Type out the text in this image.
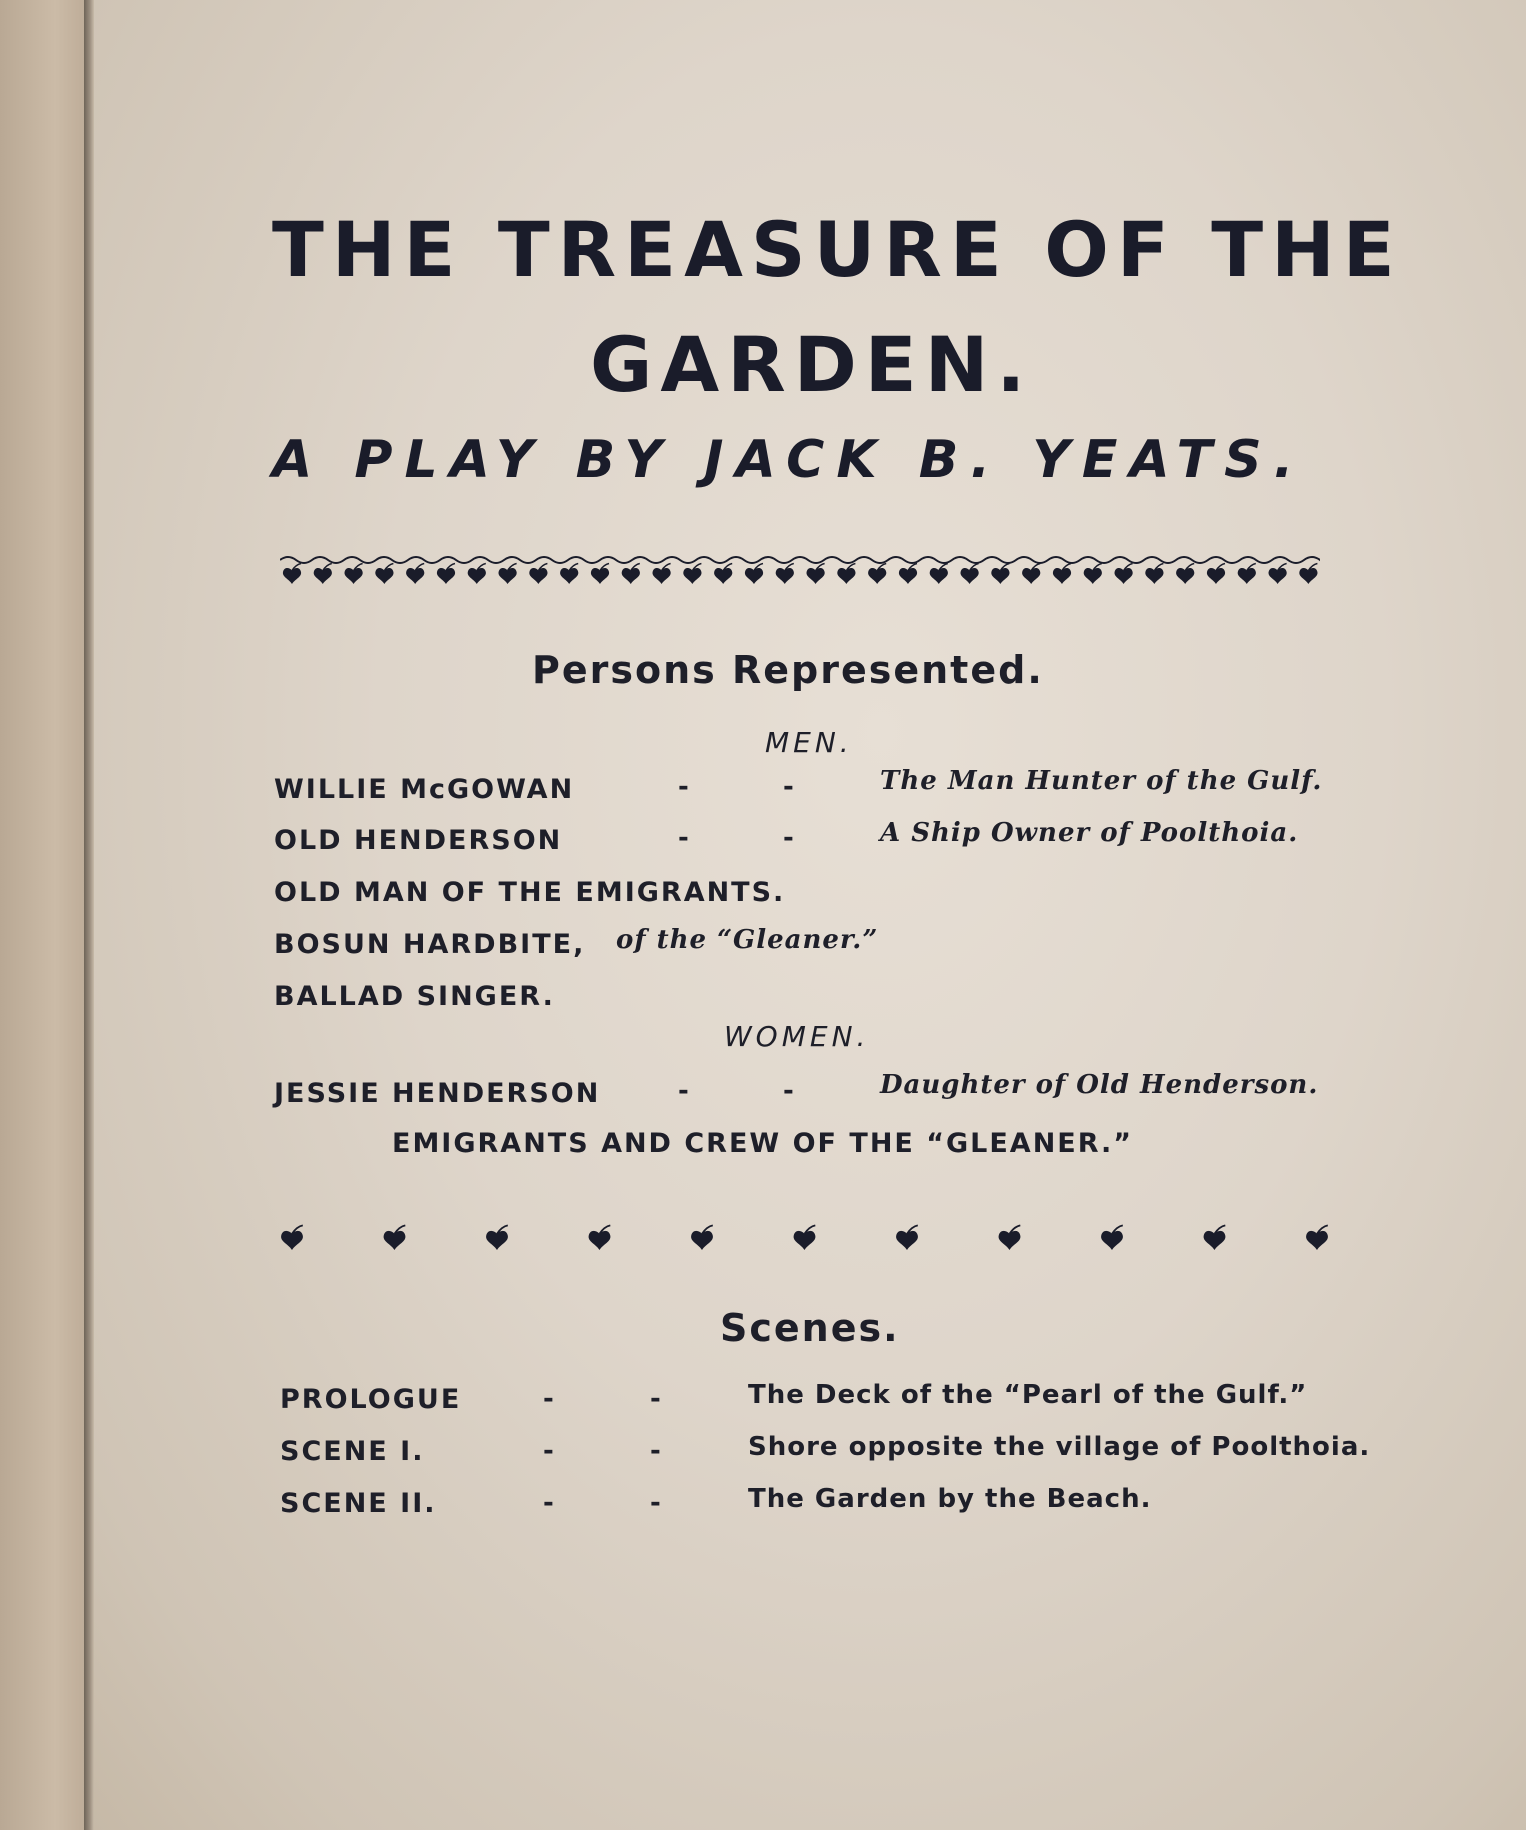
THE TREASURE OF THE
GARDEN.
A PLAY BY JACK B. YEATS.
Persons Represented.
MEN.
WILLIE McGOWAN	-	-	The Man Hunter of the Gulf.
OLD HENDERSON	-	-	A Ship Owner of Poolthoia.
OLD MAN OF THE EMIGRANTS.
BOSUN HARDBITE, of the “Gleaner.”
BALLAD SINGER.
WOMEN.
JESSIE HENDERSON	-	-	Daughter of Old Henderson.
EMIGRANTS AND CREW OF THE “GLEANER.”
Scenes.
PROLOGUE	-	-	The Deck of the “Pearl of the Gulf.”
SCENE I.	-	-	Shore opposite the village of Poolthoia.
SCENE II.	-	-	The Garden by the Beach.
